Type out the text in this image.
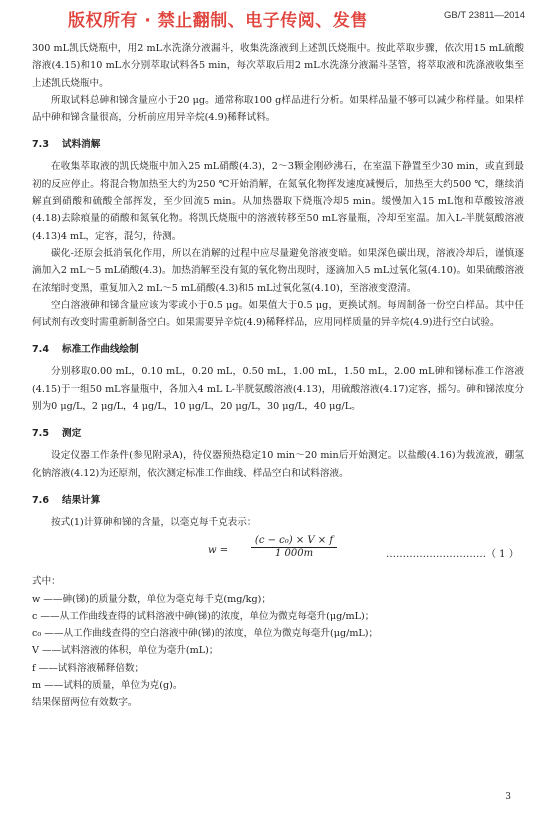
版权所有 · 禁止翻制、电子传阅、发售	GB/T 23811—2014

300 mL凯氏烧瓶中，用2 mL水洗涤分液漏斗，收集洗涤液到上述凯氏烧瓶中。按此萃取步骤，依次用15 mL硫酸溶液(4.15)和10 mL水分别萃取试料各5 min，每次萃取后用2 mL水洗涤分液漏斗茎管，将萃取液和洗涤液收集至上述凯氏烧瓶中。

所取试料总砷和锑含量应小于20 μg。通常称取100 g样品进行分析。如果样品量不够可以减少称样量。如果样品中砷和锑含量很高，分析前应用异辛烷(4.9)稀释试料。

7.3 试料消解

在收集萃取液的凯氏烧瓶中加入25 mL硝酸(4.3)，2～3颗金刚砂沸石，在室温下静置至少30 min，或直到最初的反应停止。将混合物加热至大约为250 ℃开始消解，在氮氧化物挥发速度减慢后，加热至大约500 ℃，继续消解直到硝酸和硫酸全部挥发，至少回流5 min。从加热器取下烧瓶冷却5 min。缓慢加入15 mL饱和草酸铵溶液(4.18)去除痕量的硝酸和氮氧化物。将凯氏烧瓶中的溶液转移至50 mL容量瓶，冷却至室温。加入L-半胱氨酸溶液(4.13)4 mL，定容，混匀，待测。

碳化-还原会抵消氧化作用，所以在消解的过程中应尽量避免溶液变暗。如果深色碳出现，溶液冷却后，谨慎逐滴加入2 mL～5 mL硝酸(4.3)。加热消解至没有氮的氧化物出现时，逐滴加入5 mL过氧化氢(4.10)。如果硫酸溶液在浓缩时变黑，重复加入2 mL～5 mL硝酸(4.3)和5 mL过氧化氢(4.10)，至溶液变澄清。

空白溶液砷和锑含量应该为零或小于0.5 μg。如果值大于0.5 μg，更换试剂。每周制备一份空白样品。其中任何试剂有改变时需重新制备空白。如果需要异辛烷(4.9)稀释样品，应用同样质量的异辛烷(4.9)进行空白试验。

7.4 标准工作曲线绘制

分别移取0.00 mL，0.10 mL，0.20 mL，0.50 mL，1.00 mL，1.50 mL，2.00 mL砷和锑标准工作溶液(4.15)于一组50 mL容量瓶中，各加入4 mL L-半胱氨酸溶液(4.13)，用硫酸溶液(4.17)定容，摇匀。砷和锑浓度分别为0 μg/L，2 μg/L，4 μg/L，10 μg/L，20 μg/L，30 μg/L，40 μg/L。

7.5 测定

设定仪器工作条件(参见附录A)，待仪器预热稳定10 min～20 min后开始测定。以盐酸(4.16)为载流液，硼氢化钠溶液(4.12)为还原剂，依次测定标准工作曲线、样品空白和试料溶液。

7.6 结果计算

按式(1)计算砷和锑的含量，以毫克每千克表示：

$w = \frac{\text{(c − c₀) × V × f}}{1 000m}$	…………………………（ 1 ）

式中：

w ——砷(锑)的质量分数，单位为毫克每千克(mg/kg)；

c ——从工作曲线查得的试料溶液中砷(锑)的浓度，单位为微克每毫升(μg/mL)；

c₀ ——从工作曲线查得的空白溶液中砷(锑)的浓度，单位为微克每毫升(μg/mL)；

V ——试料溶液的体积，单位为毫升(mL)；

f ——试料溶液稀释倍数；

m ——试料的质量，单位为克(g)。

结果保留两位有效数字。

3
